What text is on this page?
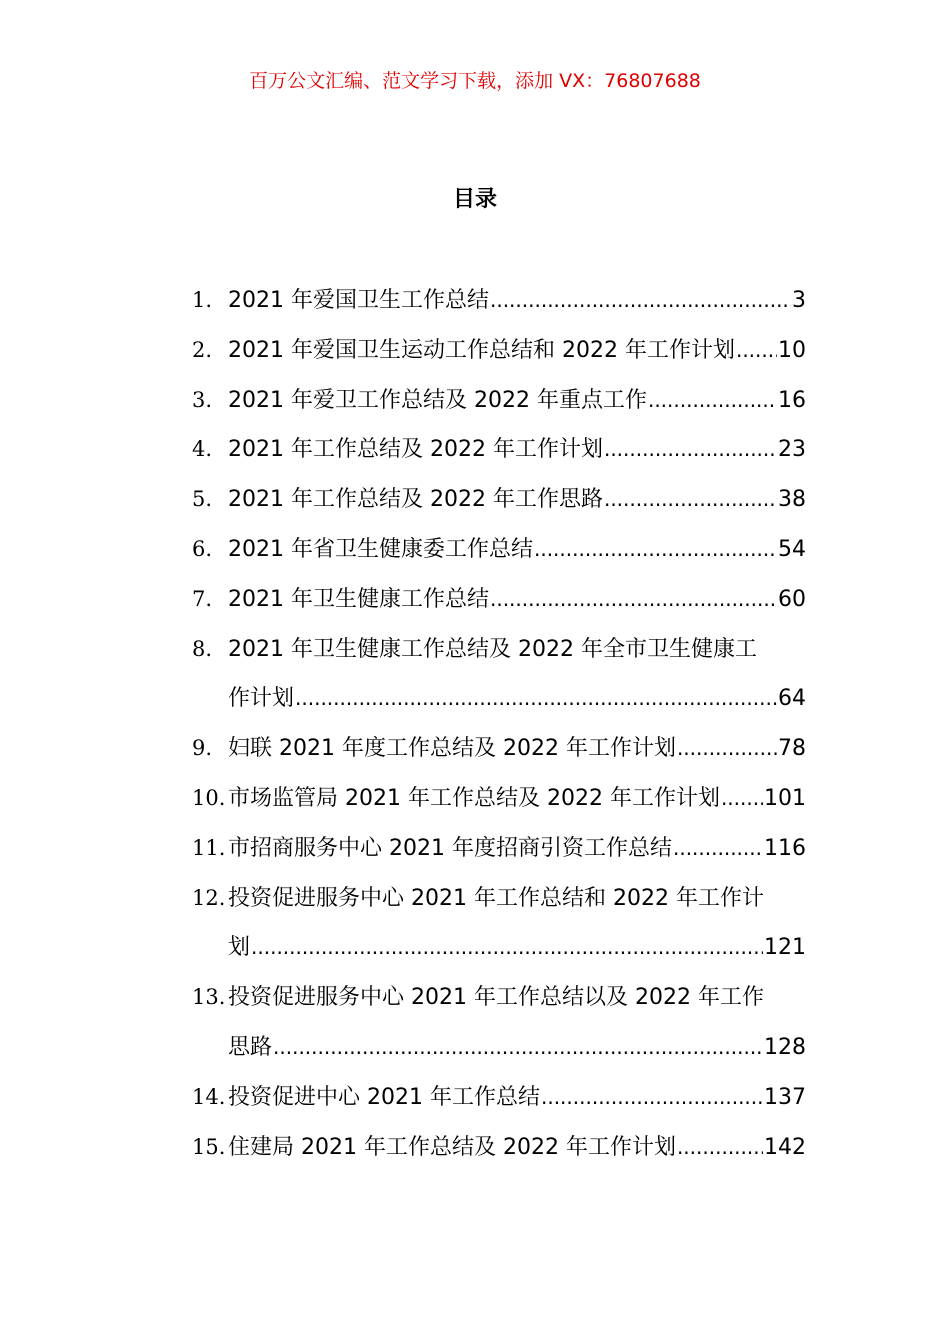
百万公文汇编、范文学习下载，添加 VX：76807688
目录
1. 2021 年爱国卫生工作总结 .....	3
2. 2021 年爱国卫生运动工作总结和 2022 年工作计划 ..... 10
3. 2021 年爱卫工作总结及 2022 年重点工作 .....	16
4. 2021 年工作总结及 2022 年工作计划 .....	23
5. 2021 年工作总结及 2022 年工作思路 .....	38
6. 2021 年省卫生健康委工作总结 .....	54
7. 2021 年卫生健康工作总结 .....	60
8. 2021 年卫生健康工作总结及 2022 年全市卫生健康工
作计划 .....	64
9. 妇联 2021 年度工作总结及 2022 年工作计划 .....	78
10. 市场监管局 2021 年工作总结及 2022 年工作计划 ..... 101
11. 市招商服务中心 2021 年度招商引资工作总结 .....	116
12. 投资促进服务中心 2021 年工作总结和 2022 年工作计
划 .....	121
13. 投资促进服务中心 2021 年工作总结以及 2022 年工作
思路 .....	128
14. 投资促进中心 2021 年工作总结 .....	137
15. 住建局 2021 年工作总结及 2022 年工作计划 .....	142
